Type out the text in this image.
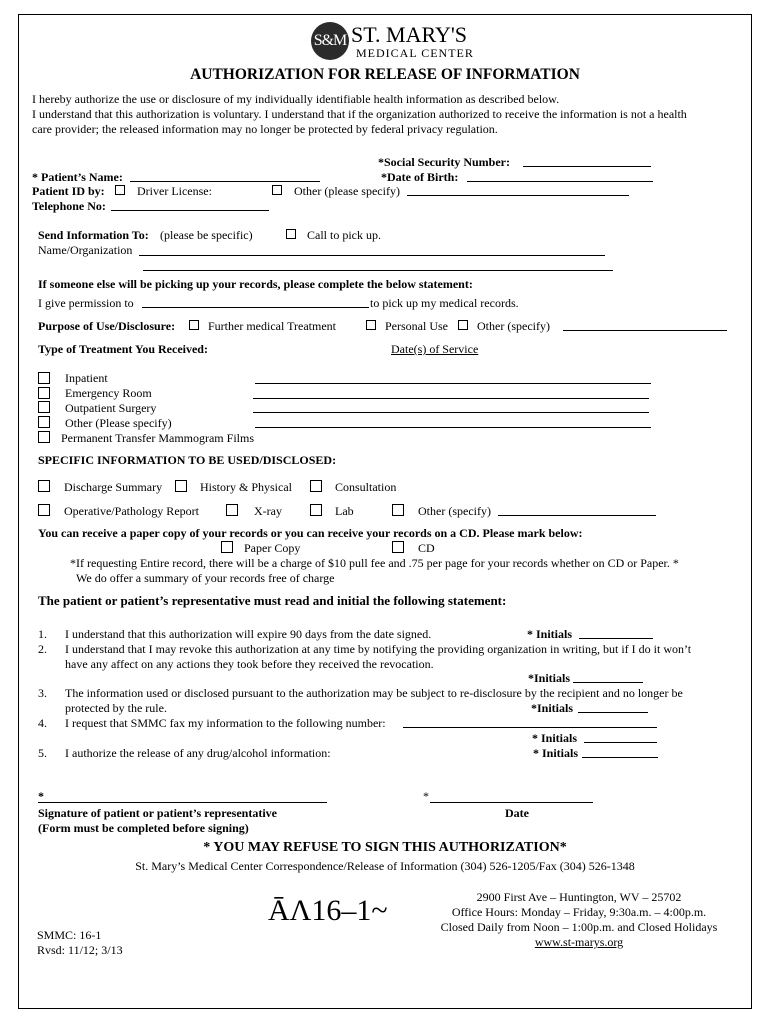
S&M ST. MARY'S
MEDICAL CENTER
AUTHORIZATION FOR RELEASE OF INFORMATION
I hereby authorize the use or disclosure of my individually identifiable health information as described below.
I understand that this authorization is voluntary. I understand that if the organization authorized to receive the information is not a health
care provider; the released information may no longer be protected by federal privacy regulation.
*Social Security Number:
* Patient’s Name:	*Date of Birth:
Patient ID by:	Driver License:	Other (please specify)
Telephone No:
Send Information To: (please be specific)	Call to pick up.
Name/Organization
If someone else will be picking up your records, please complete the below statement:
I give permission to	to pick up my medical records.
Purpose of Use/Disclosure:	Further medical Treatment	Personal Use Other (specify)
Type of Treatment You Received:	Date(s) of Service
Inpatient
Emergency Room
Outpatient Surgery
Other (Please specify)
Permanent Transfer Mammogram Films
SPECIFIC INFORMATION TO BE USED/DISCLOSED:
Discharge Summary	History & Physical	Consultation
Operative/Pathology Report	X-ray	Lab	Other (specify)
You can receive a paper copy of your records or you can receive your records on a CD. Please mark below:
Paper Copy	CD
*If requesting Entire record, there will be a charge of $10 pull fee and .75 per page for your records whether on CD or Paper. *
We do offer a summary of your records free of charge
The patient or patient’s representative must read and initial the following statement:
1. I understand that this authorization will expire 90 days from the date signed.	* Initials
2. I understand that I may revoke this authorization at any time by notifying the providing organization in writing, but if I do it won’t
have any affect on any actions they took before they received the revocation.
*Initials
3. The information used or disclosed pursuant to the authorization may be subject to re-disclosure by the recipient and no longer be
protected by the rule.	*Initials
4. I request that SMMC fax my information to the following number:
* Initials
5. I authorize the release of any drug/alcohol information:	* Initials
*	*
Signature of patient or patient’s representative	Date
(Form must be completed before signing)
* YOU MAY REFUSE TO SIGN THIS AUTHORIZATION*
St. Mary’s Medical Center Correspondence/Release of Information (304) 526-1205/Fax (304) 526-1348
ĀΛ16–1~	2900 First Ave – Huntington, WV – 25702
Office Hours: Monday – Friday, 9:30a.m. – 4:00p.m.
Closed Daily from Noon – 1:00p.m. and Closed Holidays
www.st-marys.org
SMMC: 16-1
Rvsd: 11/12; 3/13
